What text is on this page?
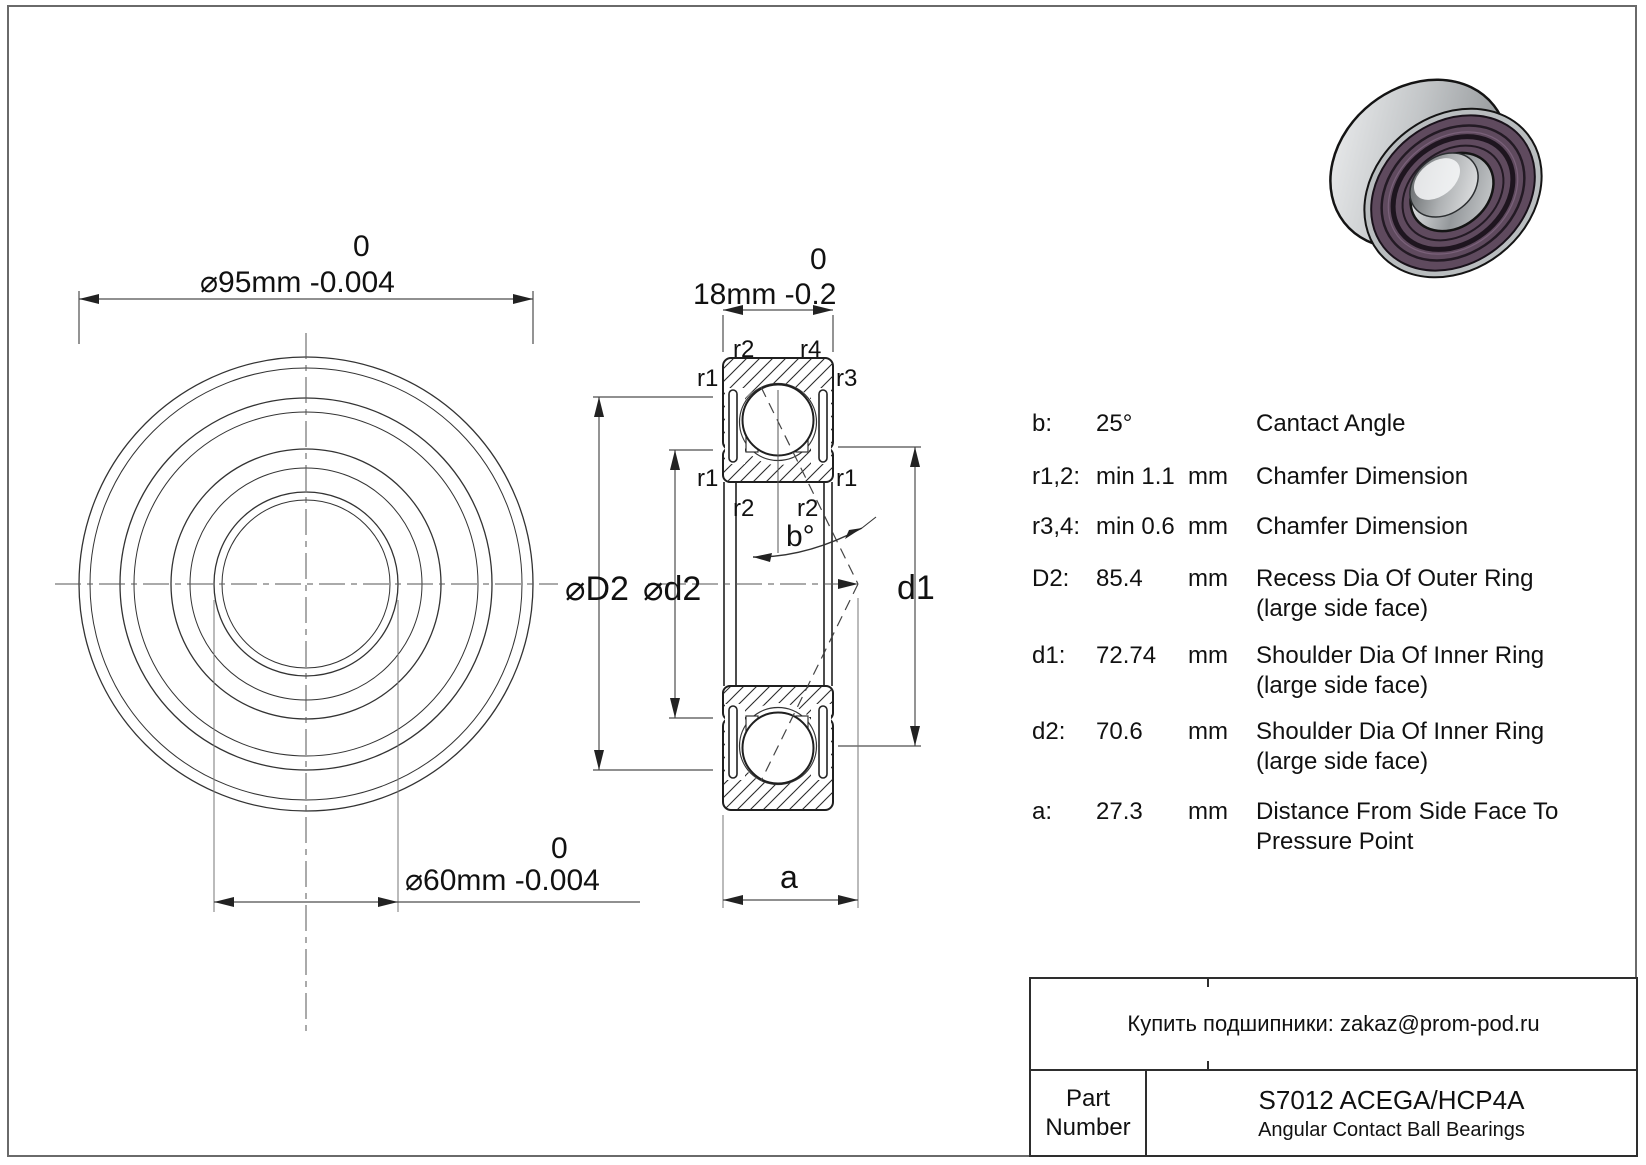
0
⌀95mm -0.004
0
⌀60mm -0.004
0
18mm -0.2
⌀D2 ⌀d2	d1
a
r2 r4
r1	r3
r1	r1
r2 r2
b°
b: 25°	Cantact Angle
r1,2: min 1.1 mm Chamfer Dimension
r3,4: min 0.6 mm Chamfer Dimension
D2: 85.4 mm Recess Dia Of Outer Ring
(large side face)
d1: 72.74 mm Shoulder Dia Of Inner Ring
(large side face)
d2: 70.6 mm Shoulder Dia Of Inner Ring
(large side face)
a: 27.3 mm Distance From Side Face To
Pressure Point
Купить подшипники: zakaz@prom-pod.ru
Part
Number
S7012 ACEGA/HCP4A
Angular Contact Ball Bearings
